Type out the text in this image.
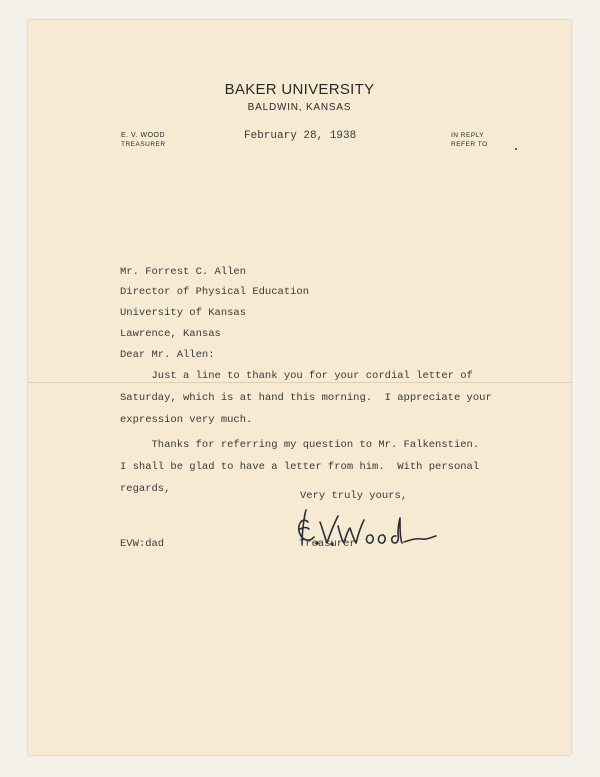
BAKER UNIVERSITY
BALDWIN, KANSAS
E. V. WOOD
TREASURER
IN REPLY
REFER TO
February 28, 1938
Mr. Forrest C. Allen
Director of Physical Education
University of Kansas
Lawrence, Kansas
Dear Mr. Allen:
Just a line to thank you for your cordial letter of
Saturday, which is at hand this morning.  I appreciate your
expression very much.
Thanks for referring my question to Mr. Falkenstien.
I shall be glad to have a letter from him.  With personal
regards,
Very truly yours,
Treasurer
EVW:dad
